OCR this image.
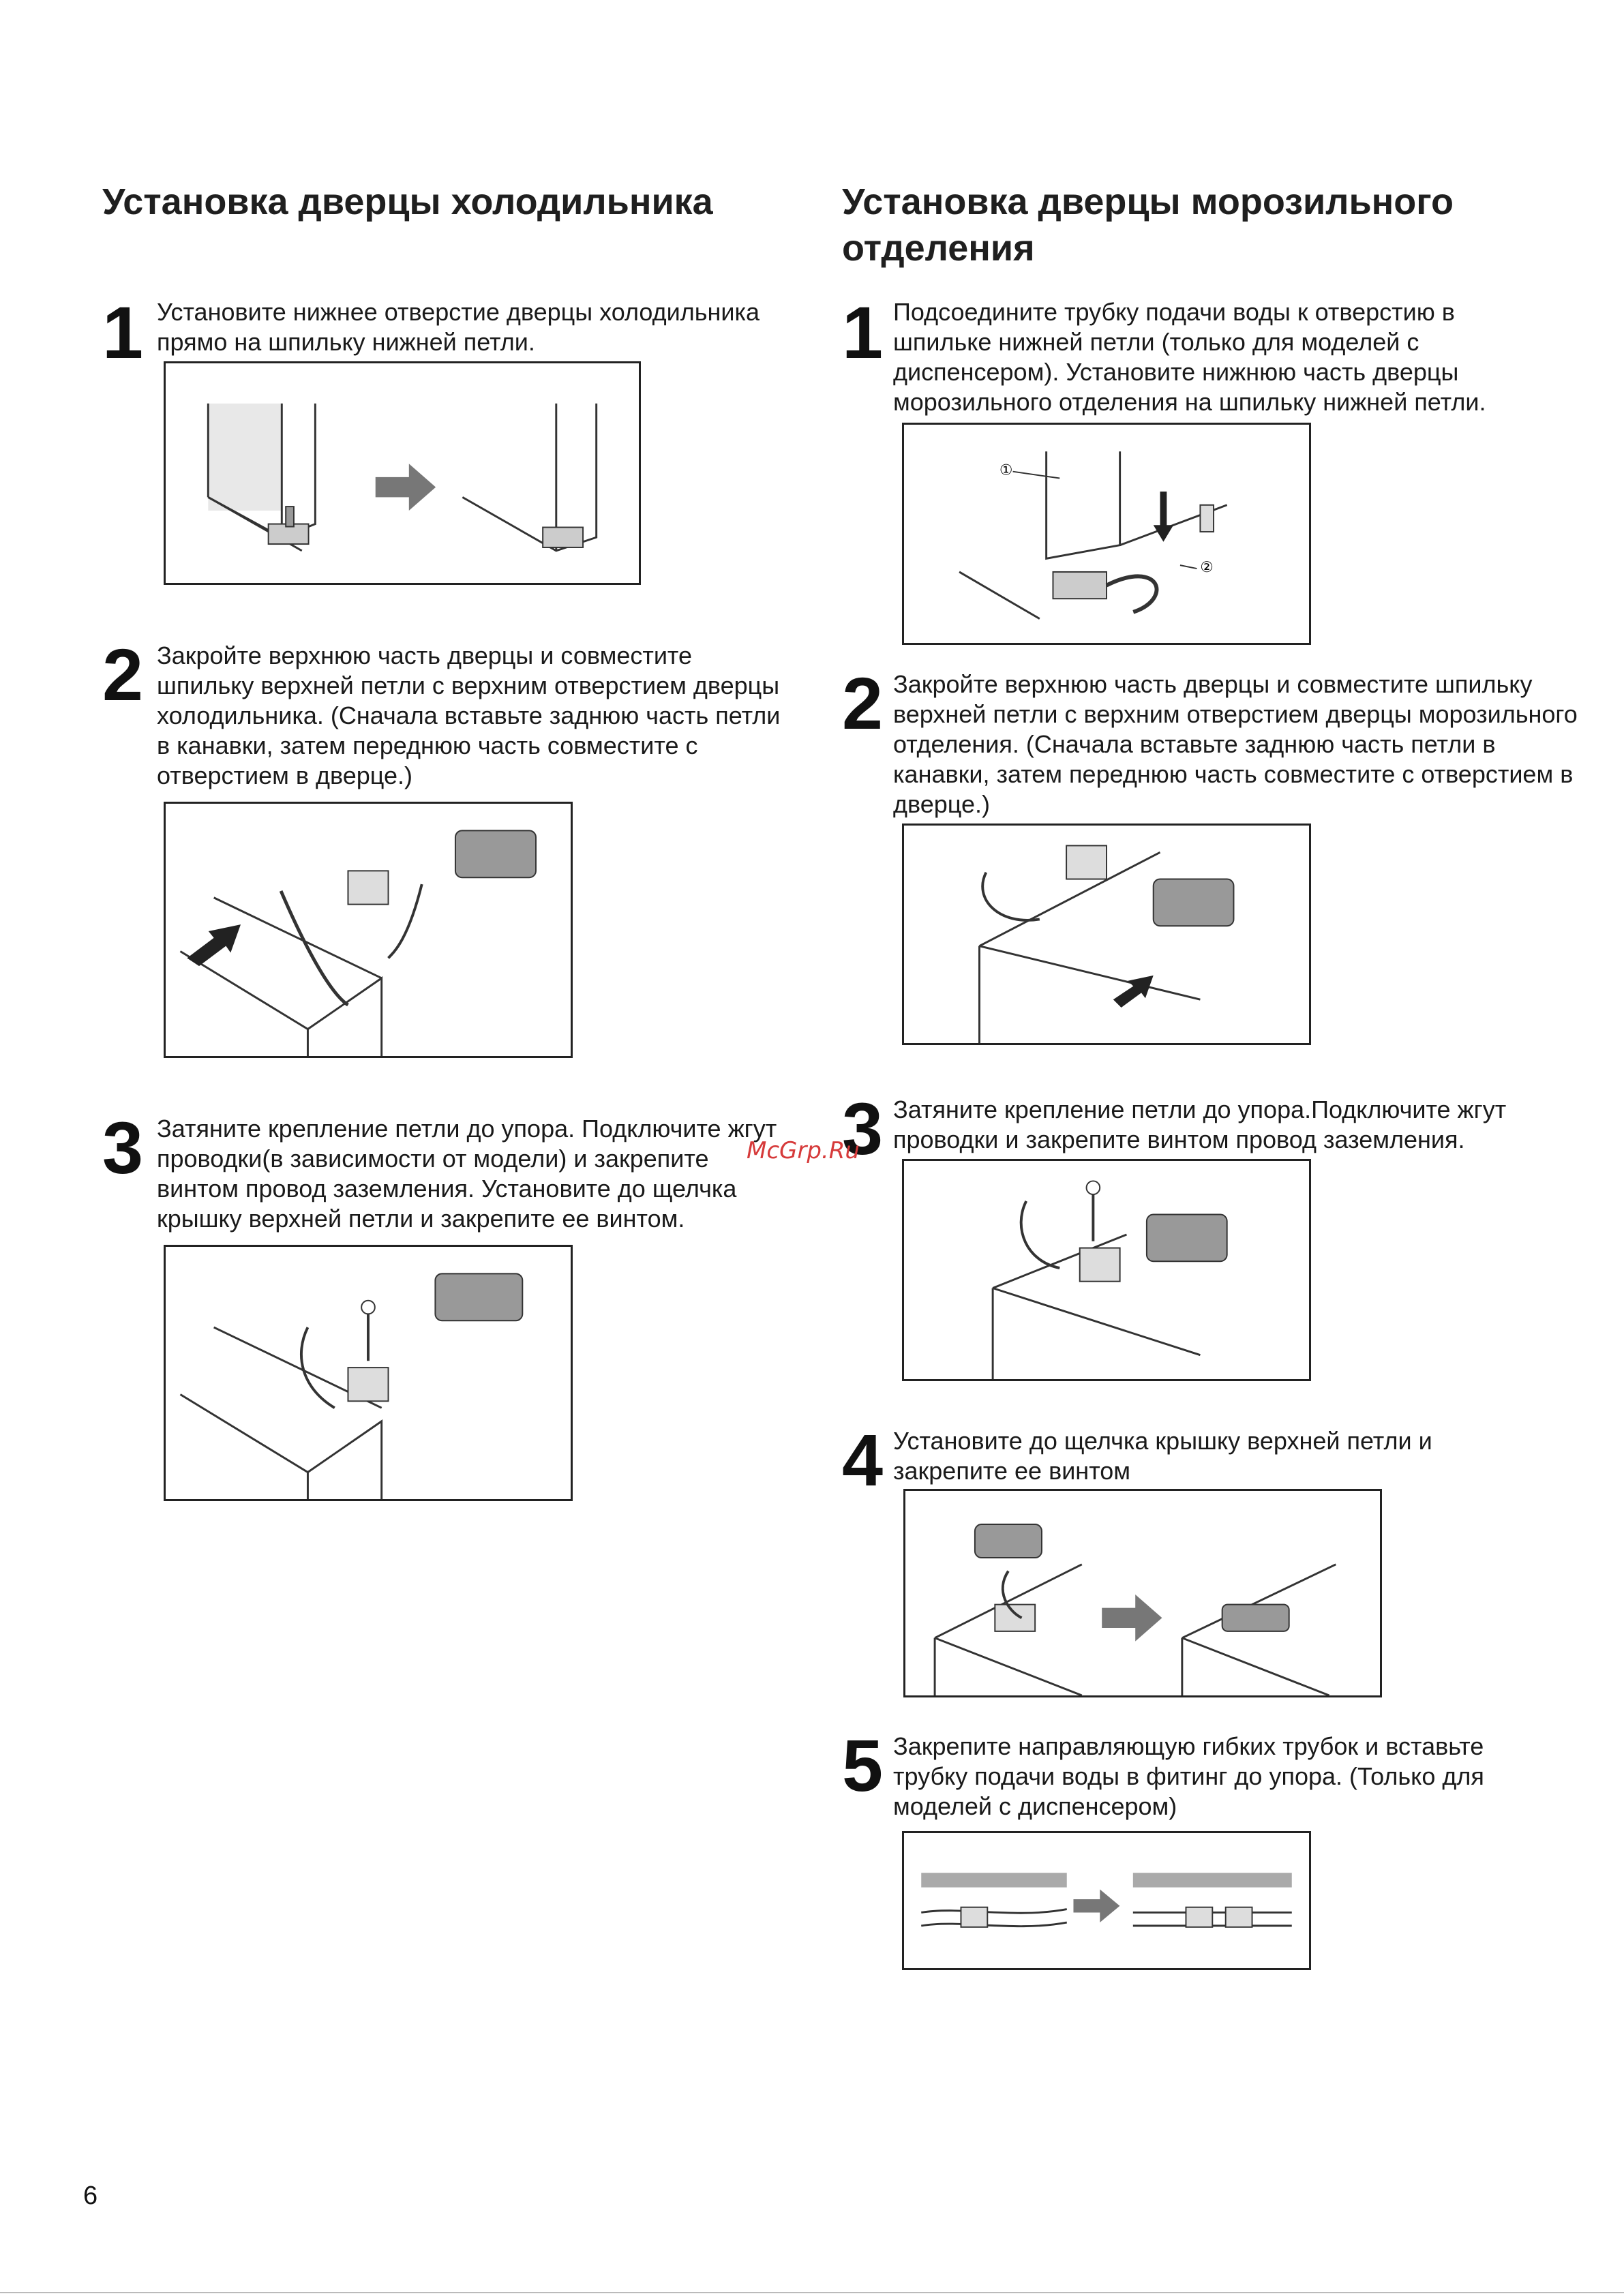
Установка дверцы холодильника
1 Установите нижнее отверстие дверцы холодильника прямо на шпильку нижней петли.
2 Закройте верхнюю часть дверцы и совместите шпильку верхней петли с верхним отверстием дверцы холодильника. (Сначала вставьте заднюю часть петли в канавки, затем переднюю часть совместите с отверстием в дверце.)
3 Затяните крепление петли до упора. Подключите жгут проводки(в зависимости от модели) и закрепите винтом провод заземления. Установите до щелчка крышку верхней петли и закрепите ее винтом.
Установка дверцы морозильного отделения
1 Подсоедините трубку подачи воды к отверстию в шпильке нижней петли (только для моделей с диспенсером). Установите нижнюю часть дверцы морозильного отделения на шпильку нижней петли.
①
②
2 Закройте верхнюю часть дверцы и совместите шпильку верхней петли с верхним отверстием дверцы морозильного отделения. (Сначала вставьте заднюю часть петли в канавки, затем переднюю часть совместите с отверстием в дверце.)
3 Затяните крепление петли до упора.Подключите жгут проводки и закрепите винтом провод заземления.
4 Установите до щелчка крышку верхней петли и закрепите ее винтом
5 Закрепите направляющую гибких трубок и вставьте трубку подачи воды в фитинг до упора. (Только для моделей с диспенсером)
McGrp.Ru
6
